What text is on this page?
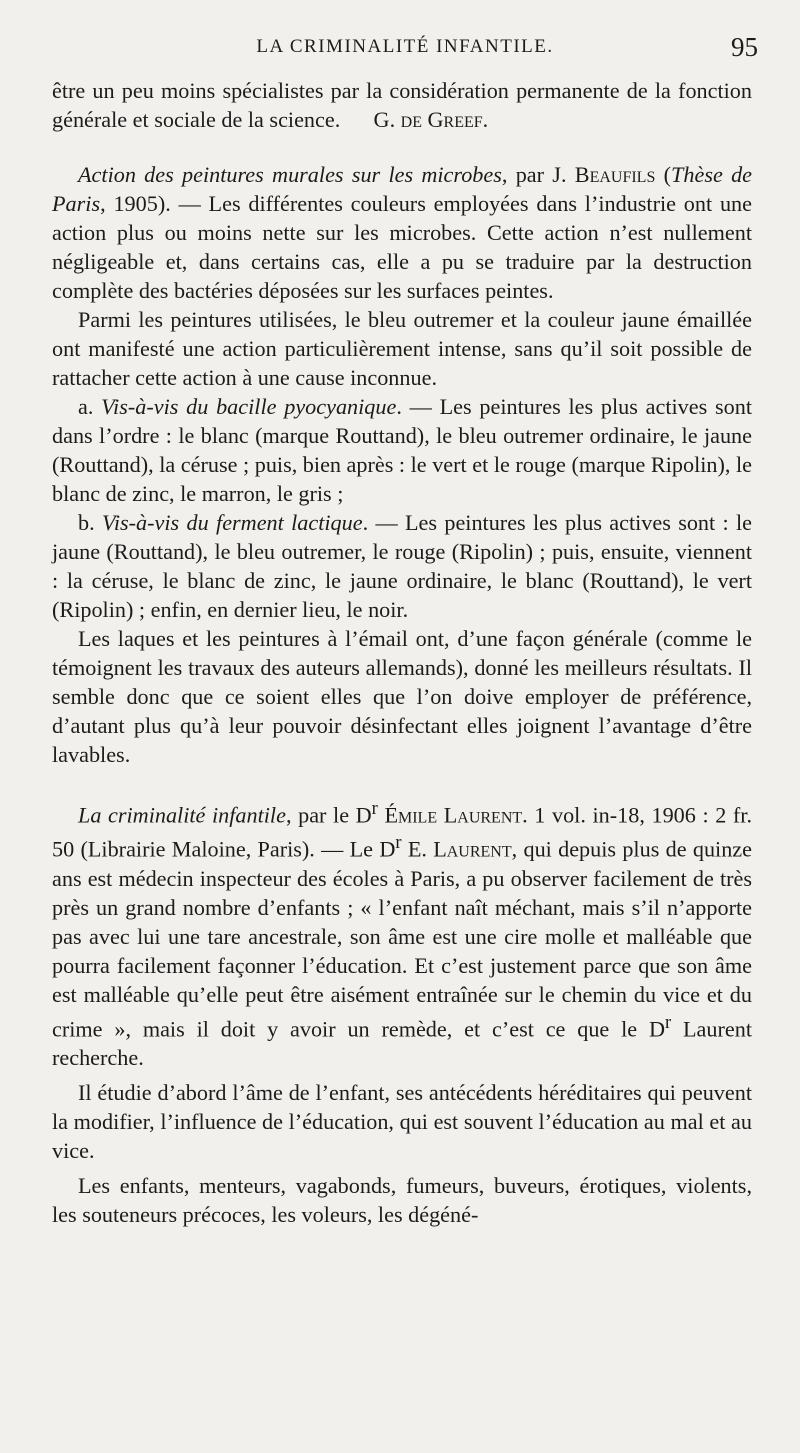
LA CRIMINALITÉ INFANTILE.	95

être un peu moins spécialistes par la considération permanente de la fonction générale et sociale de la science. G. de Greef.

Action des peintures murales sur les microbes, par J. Beaufils (Thèse de Paris, 1905). — Les différentes couleurs employées dans l’industrie ont une action plus ou moins nette sur les microbes. Cette action n’est nullement négligeable et, dans certains cas, elle a pu se traduire par la destruction complète des bactéries déposées sur les surfaces peintes.

Parmi les peintures utilisées, le bleu outremer et la couleur jaune émaillée ont manifesté une action particulièrement intense, sans qu’il soit possible de rattacher cette action à une cause inconnue.

a. Vis-à-vis du bacille pyocyanique. — Les peintures les plus actives sont dans l’ordre : le blanc (marque Routtand), le bleu outremer ordinaire, le jaune (Routtand), la céruse ; puis, bien après : le vert et le rouge (marque Ripolin), le blanc de zinc, le marron, le gris ;

b. Vis-à-vis du ferment lactique. — Les peintures les plus actives sont : le jaune (Routtand), le bleu outremer, le rouge (Ripolin) ; puis, ensuite, viennent : la céruse, le blanc de zinc, le jaune ordinaire, le blanc (Routtand), le vert (Ripolin) ; enfin, en dernier lieu, le noir.

Les laques et les peintures à l’émail ont, d’une façon générale (comme le témoignent les travaux des auteurs allemands), donné les meilleurs résultats. Il semble donc que ce soient elles que l’on doive employer de préférence, d’autant plus qu’à leur pouvoir désinfectant elles joignent l’avantage d’être lavables.

La criminalité infantile, par le $D^r$ Émile Laurent. 1 vol. in-18, 1906 : 2 fr. 50 (Librairie Maloine, Paris). — Le $D^r$ E. Laurent, qui depuis plus de quinze ans est médecin inspecteur des écoles à Paris, a pu observer facilement de très près un grand nombre d’enfants ; « l’enfant naît méchant, mais s’il n’apporte pas avec lui une tare ancestrale, son âme est une cire molle et malléable que pourra facilement façonner l’éducation. Et c’est justement parce que son âme est malléable qu’elle peut être aisément entraînée sur le chemin du vice et du crime », mais il doit y avoir un remède, et c’est ce que le $D^r$ Laurent recherche.

Il étudie d’abord l’âme de l’enfant, ses antécédents héréditaires qui peuvent la modifier, l’influence de l’éducation, qui est souvent l’éducation au mal et au vice.

Les enfants, menteurs, vagabonds, fumeurs, buveurs, érotiques, violents, les souteneurs précoces, les voleurs, les dégéné-
